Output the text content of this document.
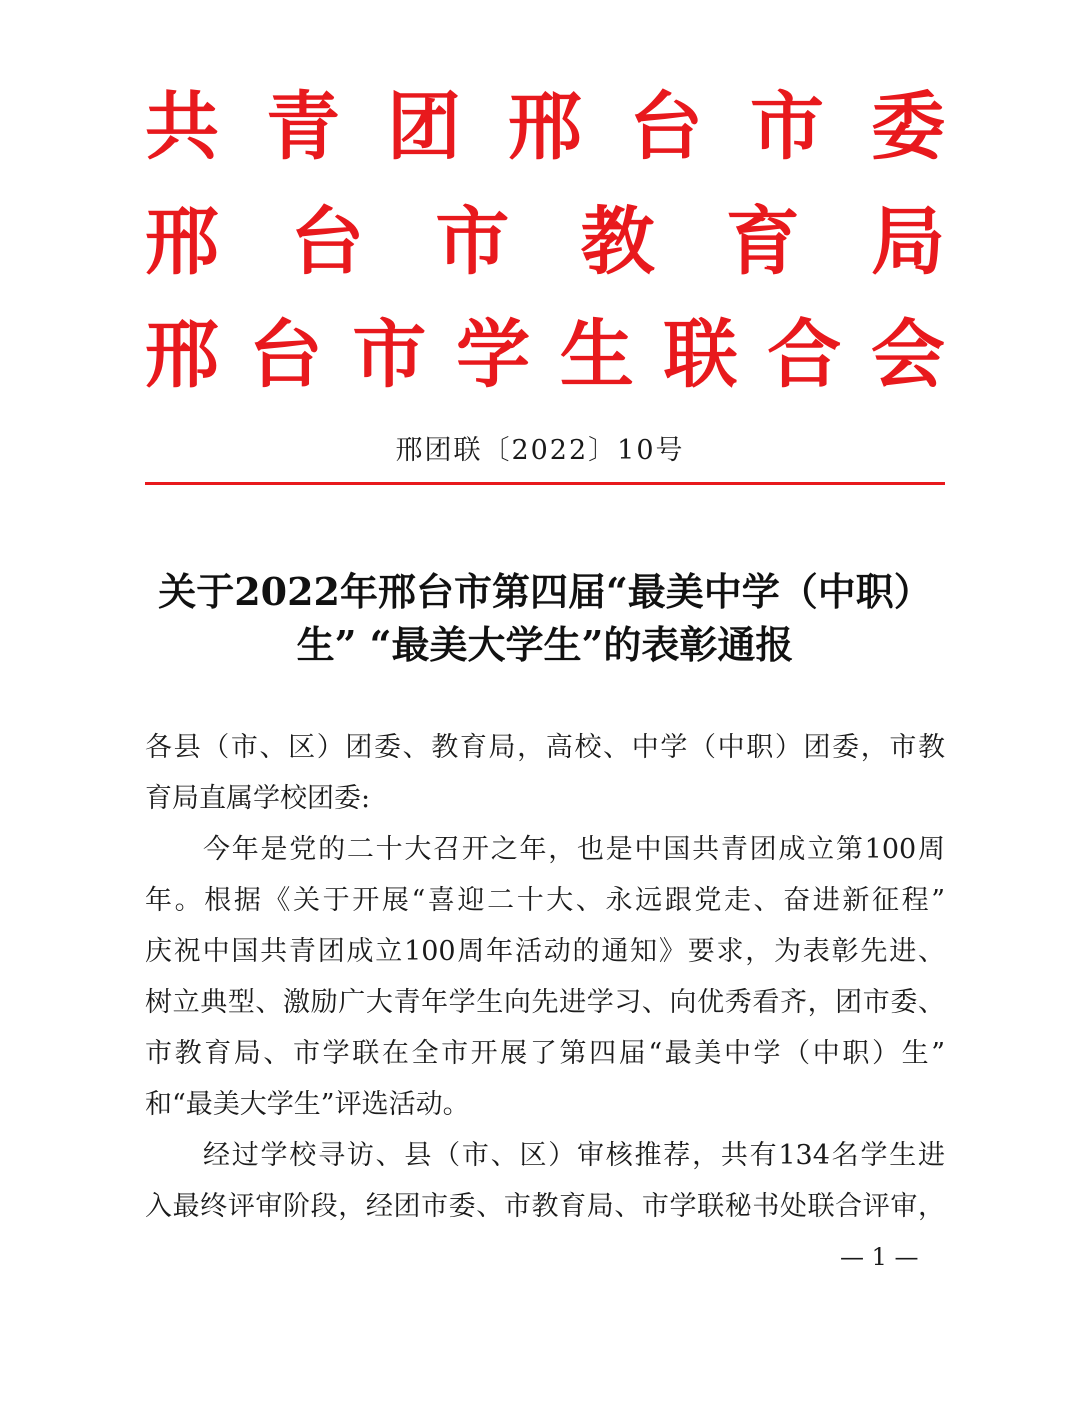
共 青 团 邢 台 市 委
邢 台 市 教 育 局
邢 台 市 学 生 联 合 会
邢团联〔2022〕10号
关于2022年邢台市第四届“最美中学（中职）
生” “最美大学生”的表彰通报
各县（市、区）团委、教育局，高校、中学（中职）团委，市教
育局直属学校团委:
今年是党的二十大召开之年，也是中国共青团成立第100周
年。根据《关于开展“喜迎二十大、永远跟党走、奋进新征程”
庆祝中国共青团成立100周年活动的通知》要求，为表彰先进、
树立典型、激励广大青年学生向先进学习、向优秀看齐，团市委、
市教育局、市学联在全市开展了第四届“最美中学（中职）生”
和“最美大学生”评选活动。
经过学校寻访、县（市、区）审核推荐，共有134名学生进
入最终评审阶段，经团市委、市教育局、市学联秘书处联合评审，
— 1 —
